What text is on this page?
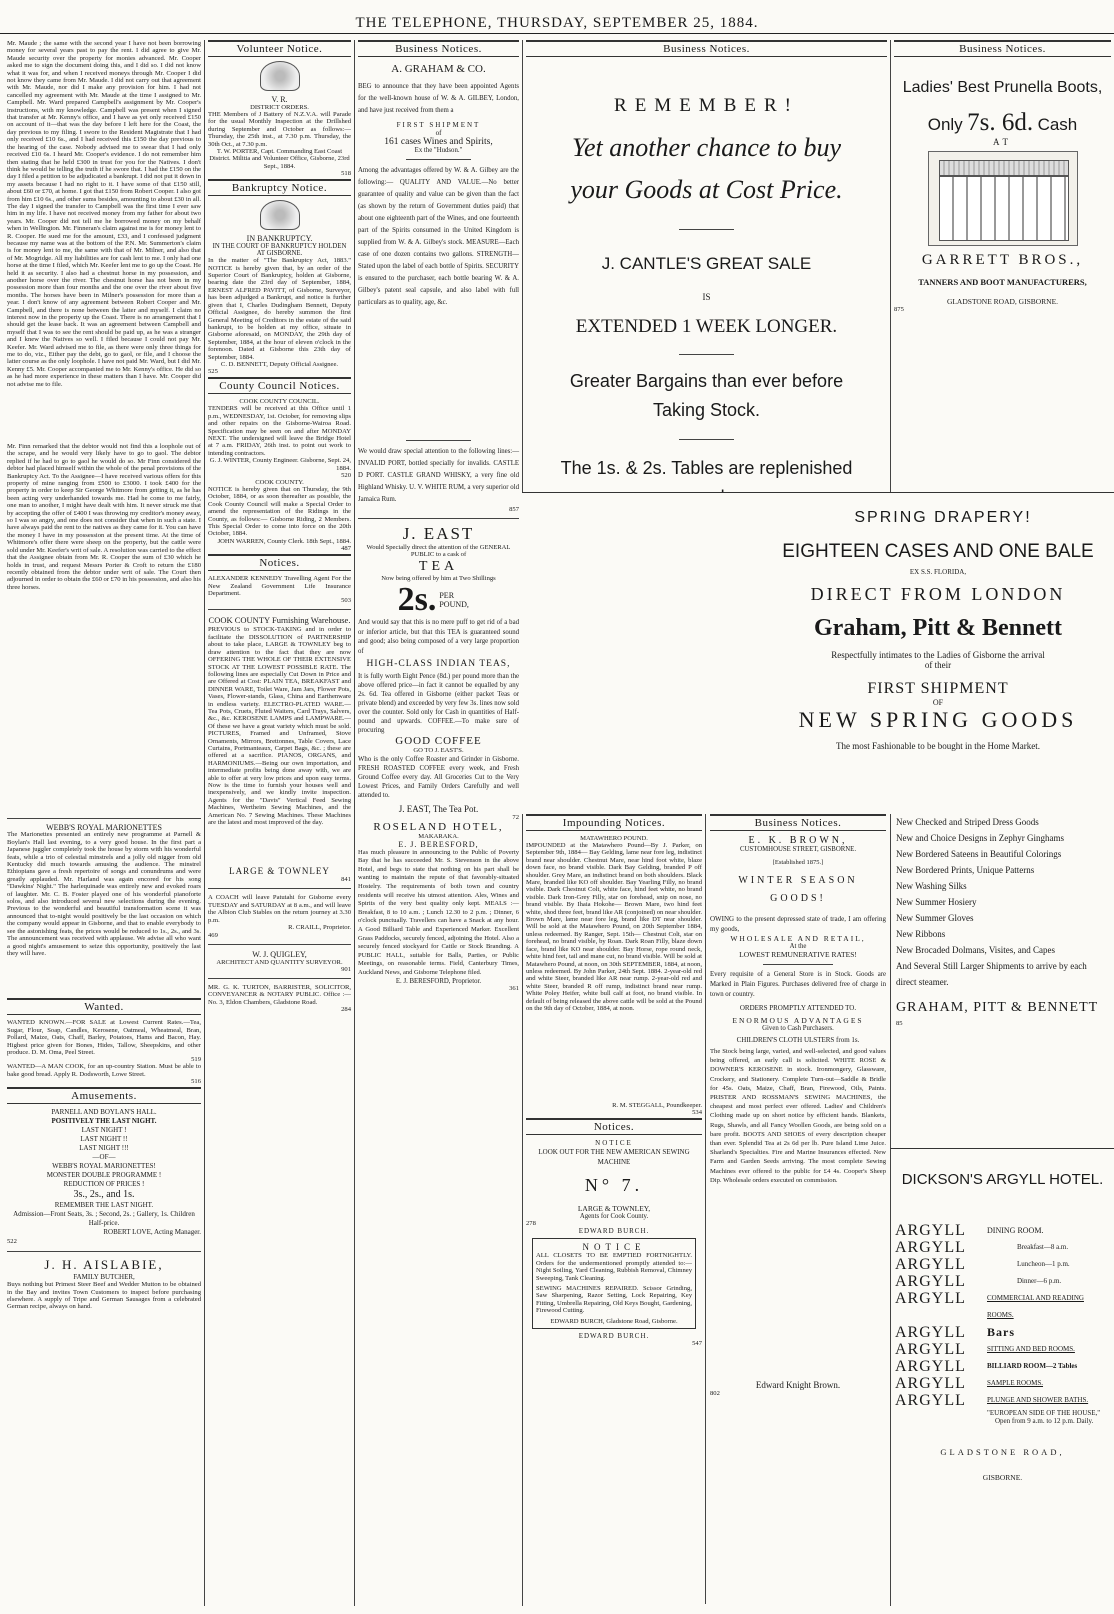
THE TELEPHONE, THURSDAY, SEPTEMBER 25, 1884.

Mr. Maude ; the same with the second year I have not been borrowing money for several years past to pay the rent. I did agree to give Mr. Maude security over the property for monies advanced. Mr. Cooper asked me to sign the document doing this, and I did so. I did not know what it was for, and when I received moneys through Mr. Cooper I did not know they came from Mr. Maude. I did not carry out that agreement with Mr. Maude, nor did I make any provision for him. I had not cancelled my agreement with Mr. Maude at the time I assigned to Mr. Campbell. Mr. Ward prepared Campbell's assignment by Mr. Cooper's instructions, with my knowledge. Campbell was present when I signed that transfer at Mr. Kenny's office, and I have as yet only received £150 on account of it—that was the day before I left here for the Coast, the day previous to my filing. I swore to the Resident Magistrate that I had only received £10 6s., and I had received this £150 the day previous to the hearing of the case. Nobody advised me to swear that I had only received £10 6s. I heard Mr. Cooper's evidence. I do not remember him then stating that he held £300 in trust for you for the Natives. I don't think he would be telling the truth if he swore that. I had the £150 on the day I filed a petition to be adjudicated a bankrupt. I did not put it down in my assets because I had no right to it. I have some of that £150 still, about £60 or £70, at home. I got that £150 from Robert Cooper. I also got from him £10 6s., and other sums besides, amounting to about £30 in all. The day I signed the transfer to Campbell was the first time I ever saw him in my life. I have not received money from my father for about two years. Mr. Cooper did not tell me he borrowed money on my behalf when in Wellington. Mr. Finneran's claim against me is for money lent to R. Cooper. He sued me for the amount, £33, and I confessed judgment because my name was at the bottom of the P.N. Mr. Summerton's claim is for money lent to me, the same with that of Mr. Milner, and also that of Mr. Mogridge. All my liabilities are for cash lent to me. I only had one horse at the time I filed, which Mr. Keefer lent me to go up the Coast. He held it as security. I also had a chestnut horse in my possession, and another horse over the river. The chestnut horse has not been in my possession more than four months and the one over the river about five months. The horses have been in Milner's possession for more than a year. I don't know of any agreement between Robert Cooper and Mr. Campbell, and there is none between the latter and myself. I claim no interest now in the property up the Coast. There is no arrangement that I should get the lease back. It was an agreement between Campbell and myself that I was to see the rent should be paid up, as he was a stranger and I knew the Natives so well. I filed because I could not pay Mr. Keefer. Mr. Ward advised me to file, as there were only three things for me to do, viz., Either pay the debt, go to gaol, or file, and I choose the latter course as the only loophole. I have not paid Mr. Ward, but I did Mr. Kenny £5. Mr. Cooper accompanied me to Mr. Kenny's office. He did so as he had more experience in these matters than I have. Mr. Cooper did not advise me to file.

Mr. Finn remarked that the debtor would not find this a loophole out of the scrape, and he would very likely have to go to gaol. The debtor replied if he had to go to gaol he would do so. Mr Finn considered the debtor had placed himself within the whole of the penal provisions of the Bankruptcy Act. To the Assignee—I have received various offers for this property of mine ranging from £500 to £3000. I took £400 for the property in order to keep Sir George Whitmore from getting it, as he has been acting very underhanded towards me. Had he come to me fairly, one man to another, I might have dealt with him. It never struck me that by accepting the offer of £400 I was throwing my creditor's money away, so I was so angry, and one does not consider that when in such a state. I have always paid the rent to the natives as they came for it. You can have the money I have in my possession at the present time. At the time of Whitmore's offer there were sheep on the property, but the cattle were sold under Mr. Keefer's writ of sale. A resolution was carried to the effect that the Assignee obtain from Mr. R. Cooper the sum of £30 which he holds in trust, and request Messrs Porter & Croft to return the £180 recently obtained from the debtor under writ of sale. The Court then adjourned in order to obtain the £60 or £70 in his possession, and also his three horses.

WEBB'S ROYAL MARIONETTES

The Marionettes presented an entirely new programme at Parnell & Boylan's Hall last evening, to a very good house. In the first part a Japanese juggler completely took the house by storm with his wonderful feats, while a trio of celestial minstrels and a jolly old nigger from old Kentucky did much towards amusing the audience. The minstrel Ethiopians gave a fresh repertoire of songs and conundrums and were greatly applauded. Mr. Harland was again encored for his song "Dawkins' Night." The harlequinade was entirely new and evoked roars of laughter. Mr. C. B. Foster played one of his wonderful pianoforte solos, and also introduced several new selections during the evening. Previous to the wonderful and beautiful transformation scene it was announced that to-night would positively be the last occasion on which the company would appear in Gisborne, and that to enable everybody to see the astonishing feats, the prices would be reduced to 1s., 2s., and 3s. The announcement was received with applause. We advise all who want a good night's amusement to seize this opportunity, positively the last they will have.

Wanted.

WANTED KNOWN.—FOR SALE at Lowest Current Rates.—Tea, Sugar, Flour, Soap, Candles, Kerosene, Oatmeal, Wheatmeal, Bran, Pollard, Maize, Oats, Chaff, Barley, Potatoes, Hams and Bacon, Hay. Highest price given for Bones, Hides, Tallow, Sheepskins, and other produce. D. M. Oma, Peel Street.

519

WANTED—A MAN COOK, for an up-country Station. Must be able to bake good bread. Apply R. Dodsworth, Lowe Street.

516

Amusements.

PARNELL AND BOYLAN'S HALL.

POSITIVELY THE LAST NIGHT.

LAST NIGHT !

LAST NIGHT !!

LAST NIGHT !!!

—OF—

WEBB'S ROYAL MARIONETTES!

MONSTER DOUBLE PROGRAMME !

REDUCTION OF PRICES !

3s., 2s., and 1s.

REMEMBER THE LAST NIGHT.

Admission—Front Seats, 3s. ; Second, 2s. ; Gallery, 1s. Children Half-price.

ROBERT LOVE, Acting Manager.

522

J. H. AISLABIE,

FAMILY BUTCHER,

Buys nothing but Primest Steer Beef and Wedder Mutton to be obtained in the Bay and invites Town Customers to inspect before purchasing elsewhere. A supply of Tripe and German Sausages from a celebrated German recipe, always on hand.

Volunteer Notice.

V. R.

DISTRICT ORDERS.

THE Members of J Battery of N.Z.V.A. will Parade for the usual Monthly Inspection at the Drillshed during September and October as follows:— Thursday, the 25th inst., at 7.30 p.m. Thursday, the 30th Oct., at 7.30 p.m.

T. W. PORTER, Capt. Commanding East Coast District. Militia and Volunteer Office, Gisborne, 23rd Sept., 1884.

518

Bankruptcy Notice.

IN BANKRUPTCY.

IN THE COURT OF BANKRUPTCY HOLDEN AT GISBORNE.

In the matter of "The Bankruptcy Act, 1883." NOTICE is hereby given that, by an order of the Superior Court of Bankruptcy, holden at Gisborne, bearing date the 23rd day of September, 1884, ERNEST ALFRED PAVITT, of Gisborne, Surveyor, has been adjudged a Bankrupt, and notice is further given that I, Charles Dudingham Bennett, Deputy Official Assignee, do hereby summon the first General Meeting of Creditors in the estate of the said bankrupt, to be holden at my office, situate in Gisborne aforesaid, on MONDAY, the 29th day of September, 1884, at the hour of eleven o'clock in the forenoon. Dated at Gisborne this 23th day of September, 1884.

C. D. BENNETT, Deputy Official Assignee.

525

County Council Notices.

COOK COUNTY COUNCIL.

TENDERS will be received at this Office until 1 p.m., WEDNESDAY, 1st. October, for removing slips and other repairs on the Gisborne-Wairoa Road. Specification may be seen on and after MONDAY NEXT. The undersigned will leave the Bridge Hotel at 7 a.m. FRIDAY, 26th inst. to point out work to intending contractors.

G. J. WINTER, County Engineer. Gisborne, Sept. 24, 1884.

520

COOK COUNTY.

NOTICE is hereby given that on Thursday, the 9th October, 1884, or as soon thereafter as possible, the Cook County Council will make a Special Order to amend the representation of the Ridings in the County, as follows:— Gisborne Riding, 2 Members. This Special Order to come into force on the 20th October, 1884.

JOHN WARREN, County Clerk. 18th Sept., 1884.

487

Notices.

ALEXANDER KENNEDY Travelling Agent For the New Zealand Government Life Insurance Department.

503

COOK COUNTY Furnishing Warehouse.

PREVIOUS to STOCK-TAKING and in order to facilitate the DISSOLUTION of PARTNERSHIP about to take place, LARGE & TOWNLEY beg to draw attention to the fact that they are now OFFERING THE WHOLE OF THEIR EXTENSIVE STOCK AT THE LOWEST POSSIBLE RATE. The following lines are especially Cut Down in Price and are Offered at Cost: PLAIN TEA, BREAKFAST and DINNER WARE, Toilet Ware, Jam Jars, Flower Pots, Vases, Flower-stands, Glass, China and Earthenware in endless variety. ELECTRO-PLATED WARE.—Tea Pots, Cruets, Fluted Waiters, Card Trays, Salvers, &c., &c. KEROSENE LAMPS and LAMPWARE.—Of these we have a great variety which must be sold. PICTURES, Framed and Unframed, Stove Ornaments, Mirrors, Brettonnes, Table Covers, Lace Curtains, Portmanteaux, Carpet Bags, &c. ; these are offered at a sacrifice. PIANOS, ORGANS, and HARMONIUMS.—Being our own importation, and intermediate profits being done away with, we are able to offer at very low prices and upon easy terms. Now is the time to furnish your houses well and inexpensively, and we kindly invite inspection. Agents for the "Davis" Vertical Feed Sewing Machines, Wertheim Sewing Machines, and the American No. 7 Sewing Machines. These Machines are the latest and most improved of the day.

LARGE & TOWNLEY

841

A COACH will leave Patutahi for Gisborne every TUESDAY and SATURDAY at 8 a.m., and will leave the Albion Club Stables on the return journey at 3.30 p.m.

R. CRAILL, Proprietor.

469

W. J. QUIGLEY,

ARCHITECT AND QUANTITY SURVEYOR.

901

MR. G. K. TURTON, BARRISTER, SOLICITOR, CONVEYANCER & NOTARY PUBLIC. Office :—No. 3, Eldon Chambers, Gladstone Road.

284

Business Notices.

A. GRAHAM & CO.

BEG to announce that they have been appointed Agents for the well-known house of W. & A. GILBEY, London, and have just received from them a

FIRST SHIPMENT

of

161 cases Wines and Spirits,

Ex the "Hudson."

Among the advantages offered by W. & A. Gilbey are the following:— QUALITY AND VALUE.—No better guarantee of quality and value can be given than the fact (as shown by the return of Government duties paid) that about one eighteenth part of the Wines, and one fourteenth part of the Spirits consumed in the United Kingdom is supplied from W. & A. Gilbey's stock. MEASURE—Each case of one dozen contains two gallons. STRENGTH—Stated upon the label of each bottle of Spirits. SECURITY is ensured to the purchaser, each bottle bearing W. & A. Gilbey's patent seal capsule, and also label with full particulars as to quality, age, &c.

We would draw special attention to the following lines:— INVALID PORT, bottled specially for invalids. CASTLE D PORT. CASTLE GRAND WHISKY, a very fine old Highland Whisky. U. V. WHITE RUM, a very superior old Jamaica Rum.

857

J. EAST

Would Specially direct the attention of the GENERAL PUBLIC to a cask of

TEA

Now being offered by him at Two Shillings

2s. PER POUND,

And would say that this is no mere puff to get rid of a bad or inferior article, but that this TEA is guaranteed sound and good; also being composed of a very large proportion of

HIGH-CLASS INDIAN TEAS,

It is fully worth Eight Pence (8d.) per pound more than the above offered price—in fact it cannot be equalled by any 2s. 6d. Tea offered in Gisborne (either packet Teas or private blend) and exceeded by very few 3s. lines now sold over the counter. Sold only for Cash in quantities of Half-pound and upwards. COFFEE.—To make sure of procuring

GOOD COFFEE

GO TO J. EAST'S.

Who is the only Coffee Roaster and Grinder in Gisborne. FRESH ROASTED COFFEE every week, and Fresh Ground Coffee every day. All Groceries Cut to the Very Lowest Prices, and Family Orders Carefully and well attended to.

J. EAST, The Tea Pot.

72

ROSELAND HOTEL,

MAKARAKA.

E. J. BERESFORD,

Has much pleasure in announcing to the Public of Poverty Bay that he has succeeded Mr. S. Stevenson in the above Hotel, and begs to state that nothing on his part shall be wanting to maintain the repute of that favorably-situated Hostelry. The requirements of both town and country residents will receive his utmost attention. Ales, Wines and Spirits of the very best quality only kept. MEALS :—Breakfast, 8 to 10 a.m. ; Lunch 12.30 to 2 p.m. ; Dinner, 6 o'clock punctually. Travellers can have a Snack at any hour. A Good Billiard Table and Experienced Marker. Excellent Grass Paddocks, securely fenced, adjoining the Hotel. Also a securely fenced stockyard for Cattle or Stock Branding. A PUBLIC HALL, suitable for Balls, Parties, or Public Meetings, on reasonable terms. Field, Canterbury Times, Auckland News, and Gisborne Telephone filed.

E. J. BERESFORD, Proprietor.

361

Business Notices.

REMEMBER!

Yet another chance to buy

your Goods at Cost Price.

J. CANTLE'S GREAT SALE

IS

EXTENDED 1 WEEK LONGER.

Greater Bargains than ever before

Taking Stock.

The 1s. & 2s. Tables are replenished

Business Notices.

Ladies' Best Prunella Boots,

Only 7s. 6d. Cash

AT

GARRETT BROS.,

TANNERS AND BOOT MANUFACTURERS,

GLADSTONE ROAD, GISBORNE.

875

SPRING DRAPERY!

EIGHTEEN CASES AND ONE BALE

EX S.S. FLORIDA,

DIRECT FROM LONDON

Graham, Pitt & Bennett

Respectfully intimates to the Ladies of Gisborne the arrival

of their

FIRST SHIPMENT

OF

NEW SPRING GOODS

The most Fashionable to be bought in the Home Market.

New Checked and Striped Dress Goods

New and Choice Designs in Zephyr Ginghams

New Bordered Sateens in Beautiful Colorings

New Bordered Prints, Unique Patterns

New Washing Silks

New Summer Hosiery

New Summer Gloves

New Ribbons

New Brocaded Dolmans, Visites, and Capes

And Several Still Larger Shipments to arrive by each direct steamer.

GRAHAM, PITT & BENNETT

85

Impounding Notices.

MATAWHERO POUND.

IMPOUNDED at the Matawhero Pound—By J. Parker, on September 9th, 1884— Bay Gelding, lame near fore leg, indistinct brand near shoulder. Chestnut Mare, near hind foot white, blaze down face, no brand visible. Dark Bay Gelding, branded P off shoulder. Grey Mare, an indistinct brand on both shoulders. Black Mare, branded like KO off shoulder. Bay Yearling Filly, no brand visible. Dark Chestnut Colt, white face, hind feet white, no brand visible. Dark Iron-Grey Filly, star on forehead, snip on nose, no brand visible. By Ihaia Hokohe— Brown Mare, two hind feet white, shod three feet, brand like AR (conjoined) on near shoulder. Brown Mare, lame near fore leg, brand like DT near shoulder. Will be sold at the Matawhero Pound, on 20th September 1884, unless redeemed. By Ranger, Sept. 15th— Chestnut Colt, star on forehead, no brand visible, by Roan. Dark Roan Filly, blaze down face, brand like KO near shoulder. Bay Horse, rope round neck, white hind feet, tail and mane cut, no brand visible. Will be sold at Matawhero Pound, at noon, on 30th SEPTEMBER, 1884, at noon, unless redeemed. By John Parker, 24th Sept. 1884. 2-year-old red and white Steer, branded like AR near rump. 2-year-old red and white Steer, branded R off rump, indistinct brand near rump. White Poley Heifer, white bull calf at foot, no brand visible. In default of being released the above cattle will be sold at the Pound on the 9th day of October, 1884, at noon.

R. M. STEGGALL, Poundkeeper.

534

Notices.

NOTICE

LOOK OUT FOR THE NEW AMERICAN SEWING MACHINE

N° 7.

LARGE & TOWNLEY,

Agents for Cook County.

278

EDWARD BURCH.

NOTICE

ALL CLOSETS TO BE EMPTIED FORTNIGHTLY. Orders for the undermentioned promptly attended to:— Night Soiling, Yard Cleaning, Rubbish Removal, Chimney Sweeping, Tank Cleaning.

SEWING MACHINES REPAIRED. Scissor Grinding, Saw Sharpening, Razor Setting, Lock Repairing, Key Fitting, Umbrella Repairing, Old Keys Bought, Gardening, Firewood Cutting.

EDWARD BURCH, Gladstone Road, Gisborne.

EDWARD BURCH.

547

Business Notices.

E. K. BROWN,

CUSTOMHOUSE STREET, GISBORNE.

[Established 1875.]

WINTER SEASON GOODS!

OWING to the present depressed state of trade, I am offering my goods,

WHOLESALE AND RETAIL,

At the

LOWEST REMUNERATIVE RATES!

Every requisite of a General Store is in Stock. Goods are Marked in Plain Figures. Purchases delivered free of charge in town or country.

ORDERS PROMPTLY ATTENDED TO.

ENORMOUS ADVANTAGES

Given to Cash Purchasers.

CHILDREN'S CLOTH ULSTERS from 1s.

The Stock being large, varied, and well-selected, and good values being offered, an early call is solicited. WHITE ROSE & DOWNER'S KEROSENE in stock. Ironmongery, Glassware, Crockery, and Stationery. Complete Turn-out—Saddle & Bridle for 45s. Oats, Maize, Chaff, Bran, Firewood, Oils, Paints. PRISTER AND ROSSMAN'S SEWING MACHINES, the cheapest and most perfect ever offered. Ladies' and Children's Clothing made up on short notice by efficient hands. Blankets, Rugs, Shawls, and all Fancy Woollen Goods, are being sold on a bare profit. BOOTS AND SHOES of every description cheaper than ever. Splendid Tea at 2s 6d per lb. Pure Island Lime Juice. Sharland's Specialties. Fire and Marine Insurances effected. New Farm and Garden Seeds arriving. The most complete Sewing Machines ever offered to the public for £4 4s. Cooper's Sheep Dip. Wholesale orders executed on commission.

Edward Knight Brown.

802

DICKSON'S ARGYLL HOTEL.

ARGYLL	DINING ROOM.
ARGYLL	Breakfast—8 a.m.
ARGYLL	Luncheon—1 p.m.
ARGYLL	Dinner—6 p.m.
ARGYLL	COMMERCIAL AND READING ROOMS.
ARGYLL	Bars
ARGYLL	SITTING AND BED ROOMS.
ARGYLL	BILLIARD ROOM—2 Tables
ARGYLL	SAMPLE ROOMS.
ARGYLL	PLUNGE AND SHOWER BATHS.

"EUROPEAN SIDE OF THE HOUSE,"

Open from 9 a.m. to 12 p.m. Daily.

GLADSTONE ROAD,

GISBORNE.
